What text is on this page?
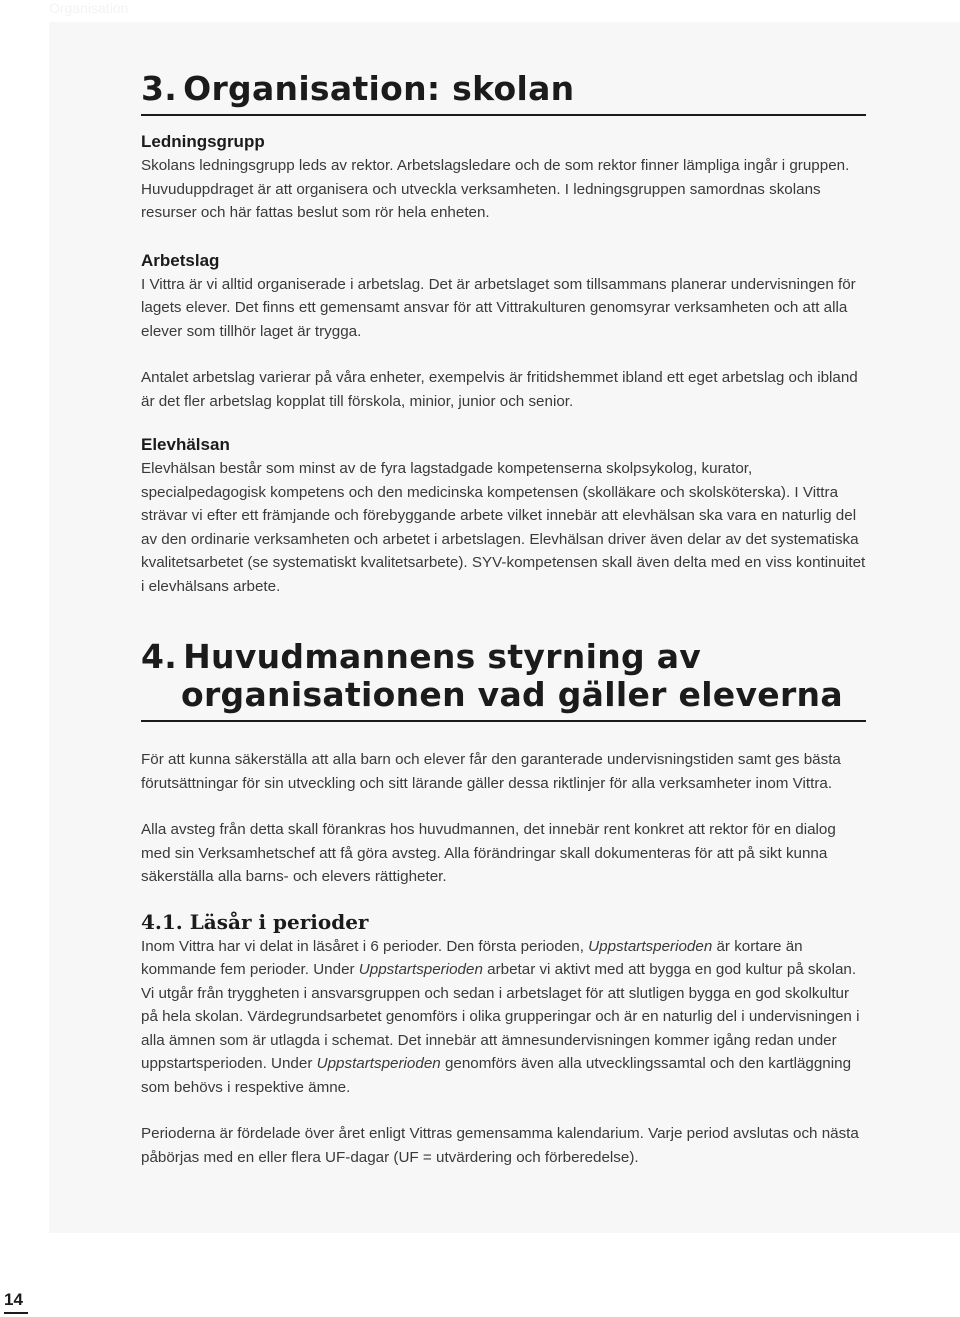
Organisation
3. Organisation: skolan
Ledningsgrupp

Skolans ledningsgrupp leds av rektor. Arbetslagsledare och de som rektor finner lämpliga ingår i gruppen. Huvuduppdraget är att organisera och utveckla verksamheten. I ledningsgruppen samordnas skolans resurser och här fattas beslut som rör hela enheten.

Arbetslag

I Vittra är vi alltid organiserade i arbetslag. Det är arbetslaget som tillsammans planerar undervisningen för lagets elever. Det finns ett gemensamt ansvar för att Vittrakulturen genomsyrar verksamheten och att alla elever som tillhör laget är trygga.

Antalet arbetslag varierar på våra enheter, exempelvis är fritidshemmet ibland ett eget arbetslag och ibland är det fler arbetslag kopplat till förskola, minior, junior och senior.

Elevhälsan

Elevhälsan består som minst av de fyra lagstadgade kompetenserna skolpsykolog, kurator, specialpedagogisk kompetens och den medicinska kompetensen (skolläkare och skolsköterska). I Vittra strävar vi efter ett främjande och förebyggande arbete vilket innebär att elevhälsan ska vara en naturlig del av den ordinarie verksamheten och arbetet i arbetslagen. Elevhälsan driver även delar av det systematiska kvalitetsarbetet (se systematiskt kvalitetsarbete). SYV-kompetensen skall även delta med en viss kontinuitet i elevhälsans arbete.

4. Huvudmannens styrning av
organisationen vad gäller eleverna

För att kunna säkerställa att alla barn och elever får den garanterade undervisningstiden samt ges bästa förutsättningar för sin utveckling och sitt lärande gäller dessa riktlinjer för alla verksamheter inom Vittra.

Alla avsteg från detta skall förankras hos huvudmannen, det innebär rent konkret att rektor för en dialog med sin Verksamhetschef att få göra avsteg. Alla förändringar skall dokumenteras för att på sikt kunna säkerställa alla barns- och elevers rättigheter.

4.1. Läsår i perioder

Inom Vittra har vi delat in läsåret i 6 perioder. Den första perioden, Uppstartsperioden är kortare än kommande fem perioder. Under Uppstartsperioden arbetar vi aktivt med att bygga en god kultur på skolan. Vi utgår från tryggheten i ansvarsgruppen och sedan i arbetslaget för att slutligen bygga en god skolkultur på hela skolan. Värdegrundsarbetet genomförs i olika grupperingar och är en naturlig del i undervisningen i alla ämnen som är utlagda i schemat. Det innebär att ämnesundervisningen kommer igång redan under uppstartsperioden. Under Uppstartsperioden genomförs även alla utvecklingssamtal och den kartläggning som behövs i respektive ämne.

Perioderna är fördelade över året enligt Vittras gemensamma kalendarium. Varje period avslutas och nästa påbörjas med en eller flera UF-dagar (UF = utvärdering och förberedelse).

14
